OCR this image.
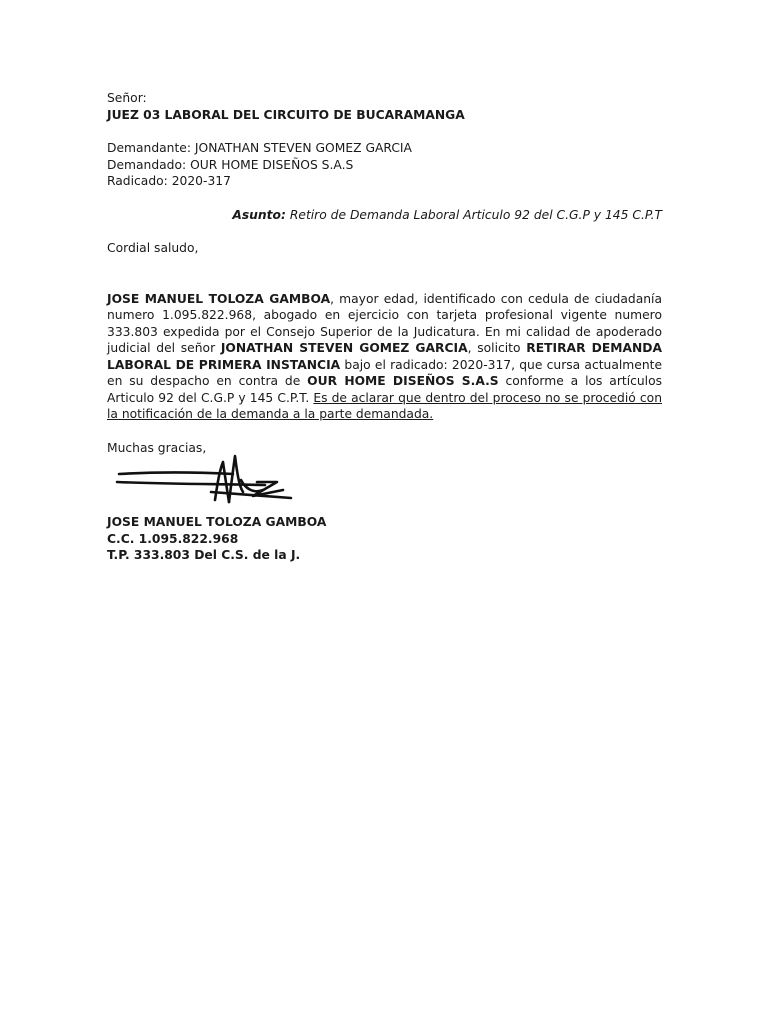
Señor:
JUEZ 03 LABORAL DEL CIRCUITO DE BUCARAMANGA
Demandante: JONATHAN STEVEN GOMEZ GARCIA
Demandado: OUR HOME DISEÑOS S.A.S
Radicado: 2020-317
Asunto: Retiro de Demanda Laboral Articulo 92 del C.G.P y 145 C.P.T
Cordial saludo,

JOSE MANUEL TOLOZA GAMBOA, mayor edad, identificado con cedula de ciudadanía numero 1.095.822.968, abogado en ejercicio con tarjeta profesional vigente numero 333.803 expedida por el Consejo Superior de la Judicatura. En mi calidad de apoderado judicial del señor JONATHAN STEVEN GOMEZ GARCIA, solicito RETIRAR DEMANDA LABORAL DE PRIMERA INSTANCIA bajo el radicado: 2020-317, que cursa actualmente en su despacho en contra de OUR HOME DISEÑOS S.A.S conforme a los artículos Articulo 92 del C.G.P y 145 C.P.T. Es de aclarar que dentro del proceso no se procedió con la notificación de la demanda a la parte demandada.

Muchas gracias,
JOSE MANUEL TOLOZA GAMBOA
C.C. 1.095.822.968
T.P. 333.803 Del C.S. de la J.
